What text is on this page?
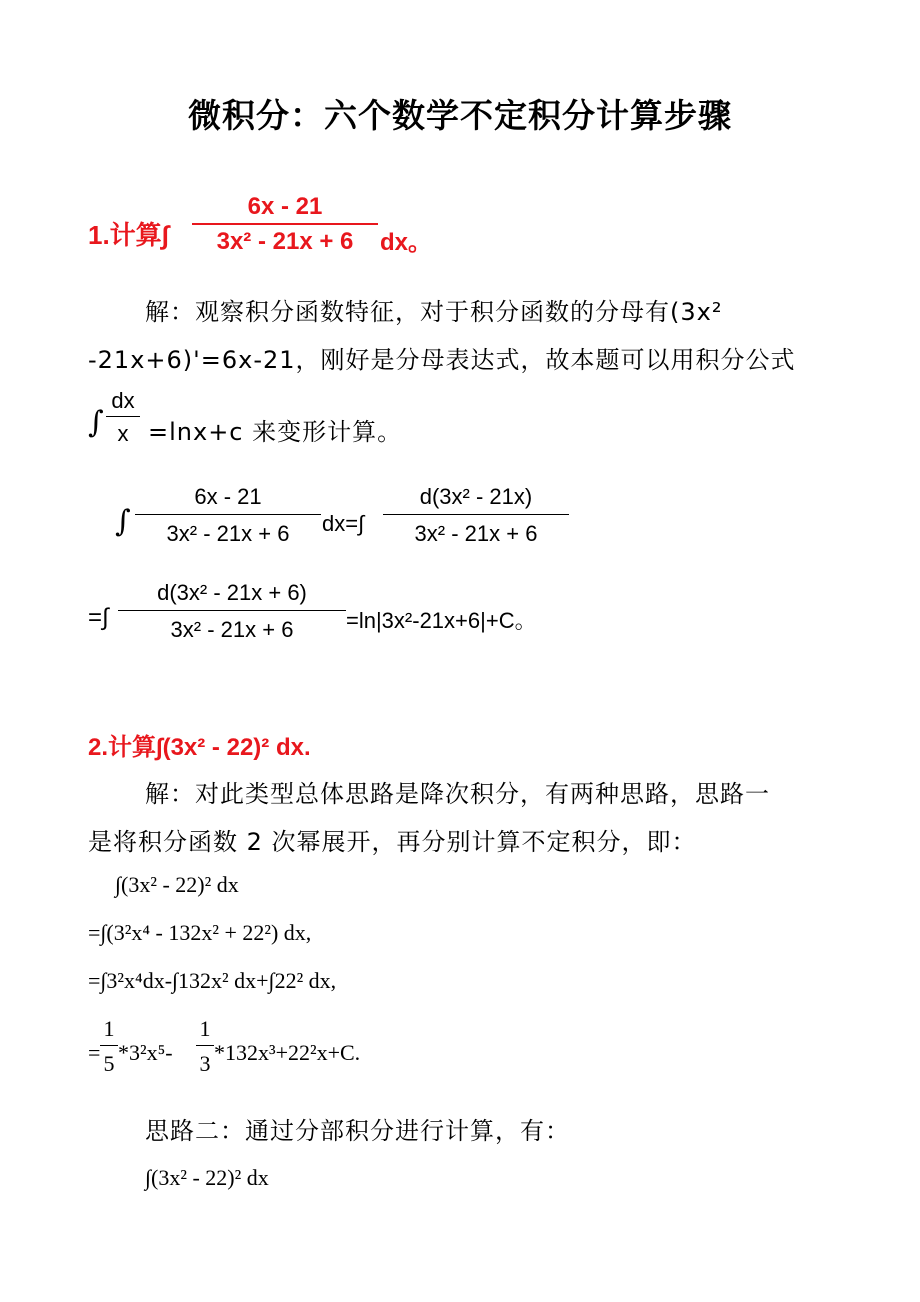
微积分：六个数学不定积分计算步骤
1.计算∫
6x - 21
3x² - 21x + 6	dx。
解：观察积分函数特征，对于积分函数的分母有(3x²
-21x+6)'=6x-21，刚好是分母表达式，故本题可以用积分公式
∫
dx
x =lnx+c 来变形计算。
∫
6x - 21
3x² - 21x + 6	dx=∫
d(3x² - 21x)
3x² - 21x + 6
=∫
d(3x² - 21x + 6)
3x² - 21x + 6	=ln|3x²-21x+6|+C。
2.计算∫(3x² - 22)² dx.
解：对此类型总体思路是降次积分，有两种思路，思路一
是将积分函数 2 次幂展开，再分别计算不定积分，即：
∫(3x² - 22)² dx
=∫(3²x⁴ - 132x² + 22²) dx,
=∫3²x⁴dx-∫132x² dx+∫22² dx,
=
1
5 *3²x⁵-
1
3 *132x³+22²x+C.
思路二：通过分部积分进行计算，有：
∫(3x² - 22)² dx
